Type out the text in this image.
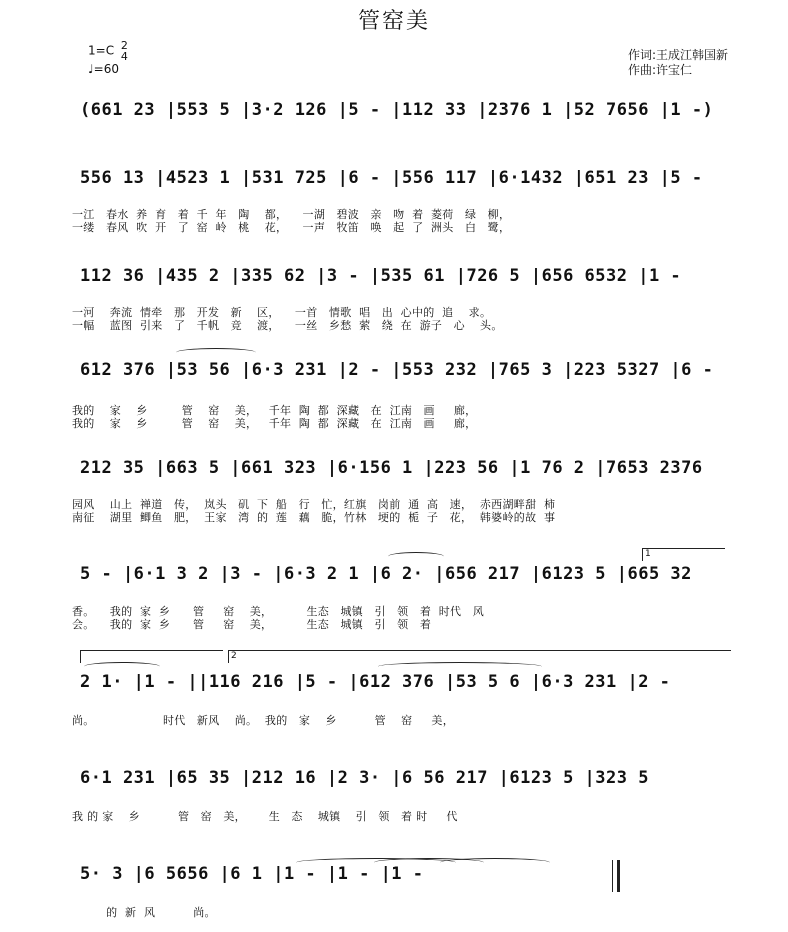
管窑美
1=C 2
4
♩=60
作词:王成江韩国新
作曲:许宝仁
(661 23 |553 5 |3·2 126 |5 - |112 33 |2376 1 |52 7656 |1 -)
556 13 |4523 1 |531 725 |6 - |556 117 |6·1432 |651 23 |5 -
一江   春水  养  育   着  千  年   陶    都，    一湖   碧波   亲   吻  着  菱荷   绿   柳，
一缕   春风  吹  开   了  窑  岭   桃    花，    一声   牧笛   唤   起  了  洲头   白   鹭，
112 36 |435 2 |335 62 |3 - |535 61 |726 5 |656 6532 |1 -
一河    奔流  情牵   那   开发   新    区，    一首   情歌  唱   出  心中的  追    求。
一幅    蓝图  引来   了   千帆   竞    渡，    一丝   乡愁  萦   绕  在  游子   心    头。
612 376 |53 56 |6·3 231 |2 - |553 232 |765 3 |223 5327 |6 -
我的    家    乡         管    窑    美，   千年  陶  都  深藏   在  江南   画     廊，
我的    家    乡         管    窑    美，   千年  陶  都  深藏   在  江南   画     廊，
212 35 |663 5 |661 323 |6·156 1 |223 56 |1 76 2 |7653 2376
园风    山上  禅道   传，  岚头   矶  下  船   行   忙，红旗   岗前  通  高   速，  赤西湖畔甜  柿
南征    湖里  鲫鱼   肥，  王家   湾  的  莲   藕   脆，竹林   埂的  栀  子   花，  韩婆岭的故  事
1
5 - |6·1 3 2 |3 - |6·3 2 1 |6 2· |656 217 |6123 5 |665 32
香。    我的  家  乡      管     窑    美，         生态   城镇   引   领   着  时代   风
会。    我的  家  乡      管     窑    美，         生态   城镇   引   领   着
2
2 1· |1 - ||116 216 |5 - |612 376 |53 5 6 |6·3 231 |2 -
尚。                  时代   新风    尚。  我的   家    乡          管    窑     美，
6·1 231 |65 35 |212 16 |2 3· |6 56 217 |6123 5 |323 5
我 的 家    乡          管   窑   美，      生   态    城镇    引   领   着 时     代
5· 3 |6 5656 |6 1 |1 - |1 - |1 -
的  新  风          尚。
